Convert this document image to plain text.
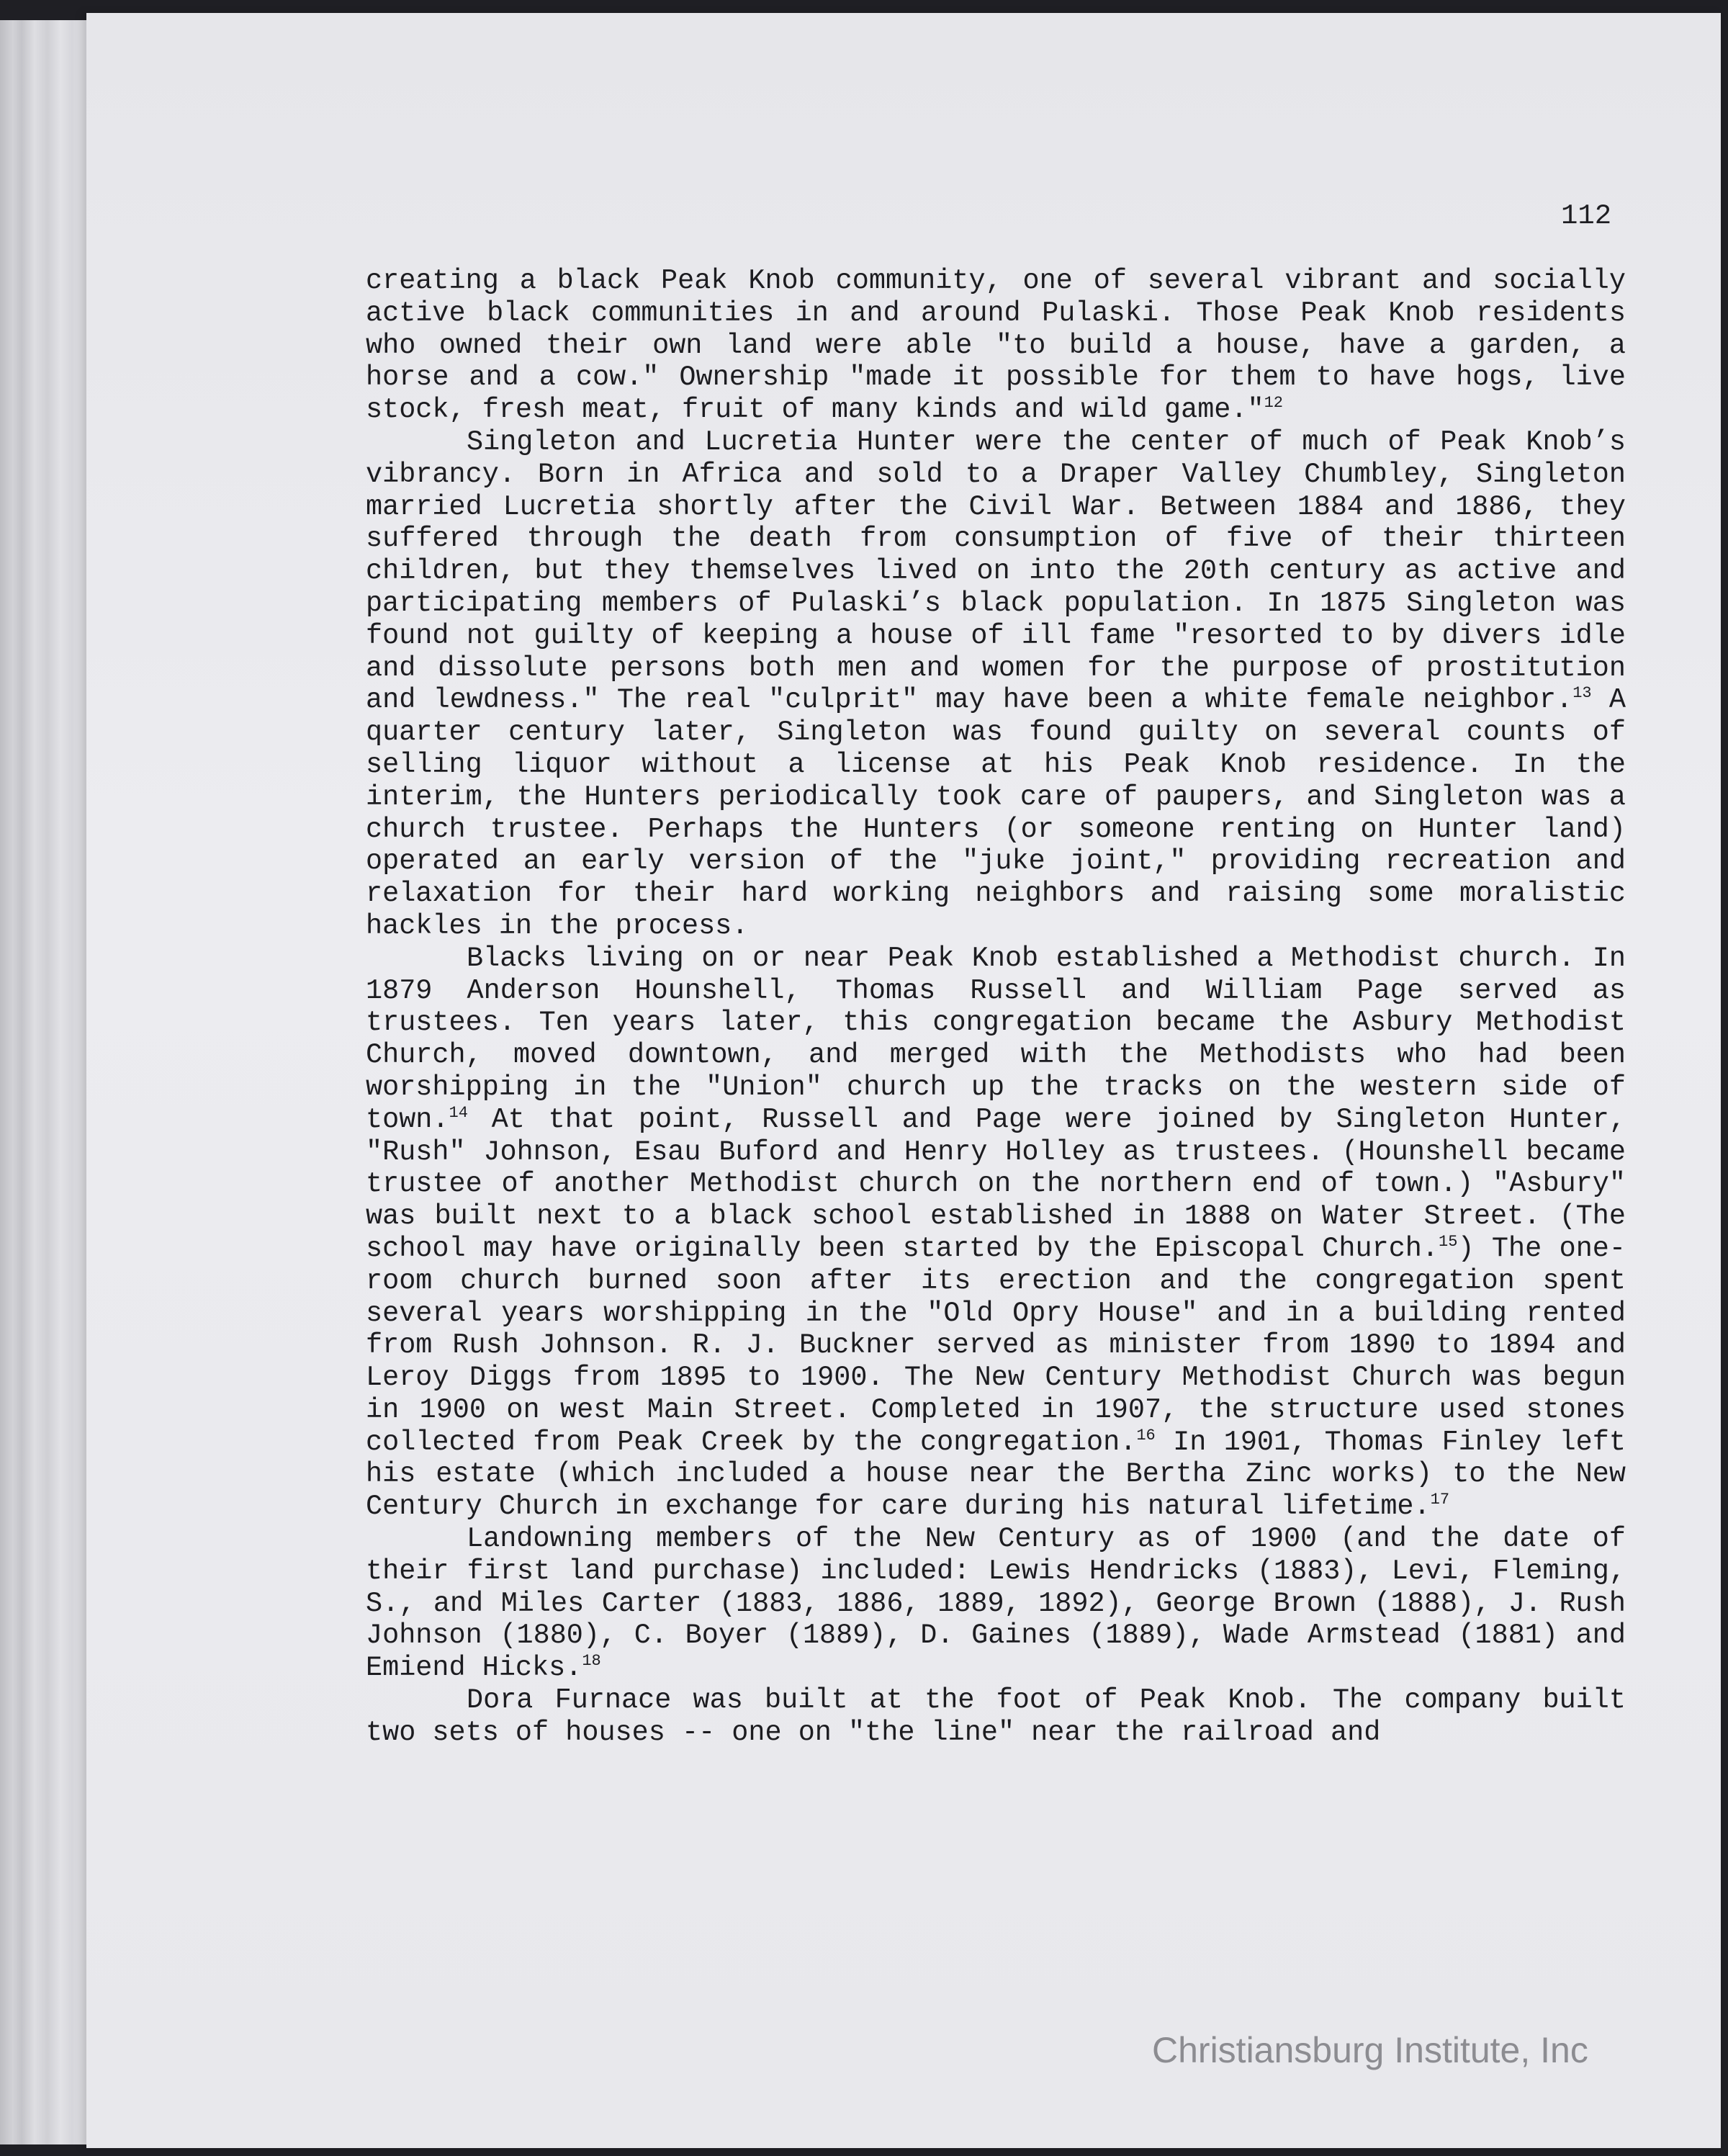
112

creating a black Peak Knob community, one of several vibrant and socially active black communities in and around Pulaski. Those Peak Knob residents who owned their own land were able "to build a house, have a garden, a horse and a cow." Ownership "made it possible for them to have hogs, live stock, fresh meat, fruit of many kinds and wild game."$^{12}$

Singleton and Lucretia Hunter were the center of much of Peak Knob’s vibrancy. Born in Africa and sold to a Draper Valley Chumbley, Singleton married Lucretia shortly after the Civil War. Between 1884 and 1886, they suffered through the death from consumption of five of their thirteen children, but they themselves lived on into the 20th century as active and participating members of Pulaski’s black population. In 1875 Singleton was found not guilty of keeping a house of ill fame "resorted to by divers idle and dissolute persons both men and women for the purpose of prostitution and lewdness." The real "culprit" may have been a white female neighbor.$^{13}$ A quarter century later, Singleton was found guilty on several counts of selling liquor without a license at his Peak Knob residence. In the interim, the Hunters periodically took care of paupers, and Singleton was a church trustee. Perhaps the Hunters (or someone renting on Hunter land) operated an early version of the "juke joint," providing recreation and relaxation for their hard working neighbors and raising some moralistic hackles in the process.

Blacks living on or near Peak Knob established a Methodist church. In 1879 Anderson Hounshell, Thomas Russell and William Page served as trustees. Ten years later, this congregation became the Asbury Methodist Church, moved downtown, and merged with the Methodists who had been worshipping in the "Union" church up the tracks on the western side of town.$^{14}$ At that point, Russell and Page were joined by Singleton Hunter, "Rush" Johnson, Esau Buford and Henry Holley as trustees. (Hounshell became trustee of another Methodist church on the northern end of town.) "Asbury" was built next to a black school established in 1888 on Water Street. (The school may have originally been started by the Episcopal Church.$^{15}$) The one-room church burned soon after its erection and the congregation spent several years worshipping in the "Old Opry House" and in a building rented from Rush Johnson. R. J. Buckner served as minister from 1890 to 1894 and Leroy Diggs from 1895 to 1900. The New Century Methodist Church was begun in 1900 on west Main Street. Completed in 1907, the structure used stones collected from Peak Creek by the congregation.$^{16}$ In 1901, Thomas Finley left his estate (which included a house near the Bertha Zinc works) to the New Century Church in exchange for care during his natural lifetime.$^{17}$

Landowning members of the New Century as of 1900 (and the date of their first land purchase) included: Lewis Hendricks (1883), Levi, Fleming, S., and Miles Carter (1883, 1886, 1889, 1892), George Brown (1888), J. Rush Johnson (1880), C. Boyer (1889), D. Gaines (1889), Wade Armstead (1881) and Emiend Hicks.$^{18}$

Dora Furnace was built at the foot of Peak Knob. The company built two sets of houses -- one on "the line" near the railroad and

Christiansburg Institute, Inc
